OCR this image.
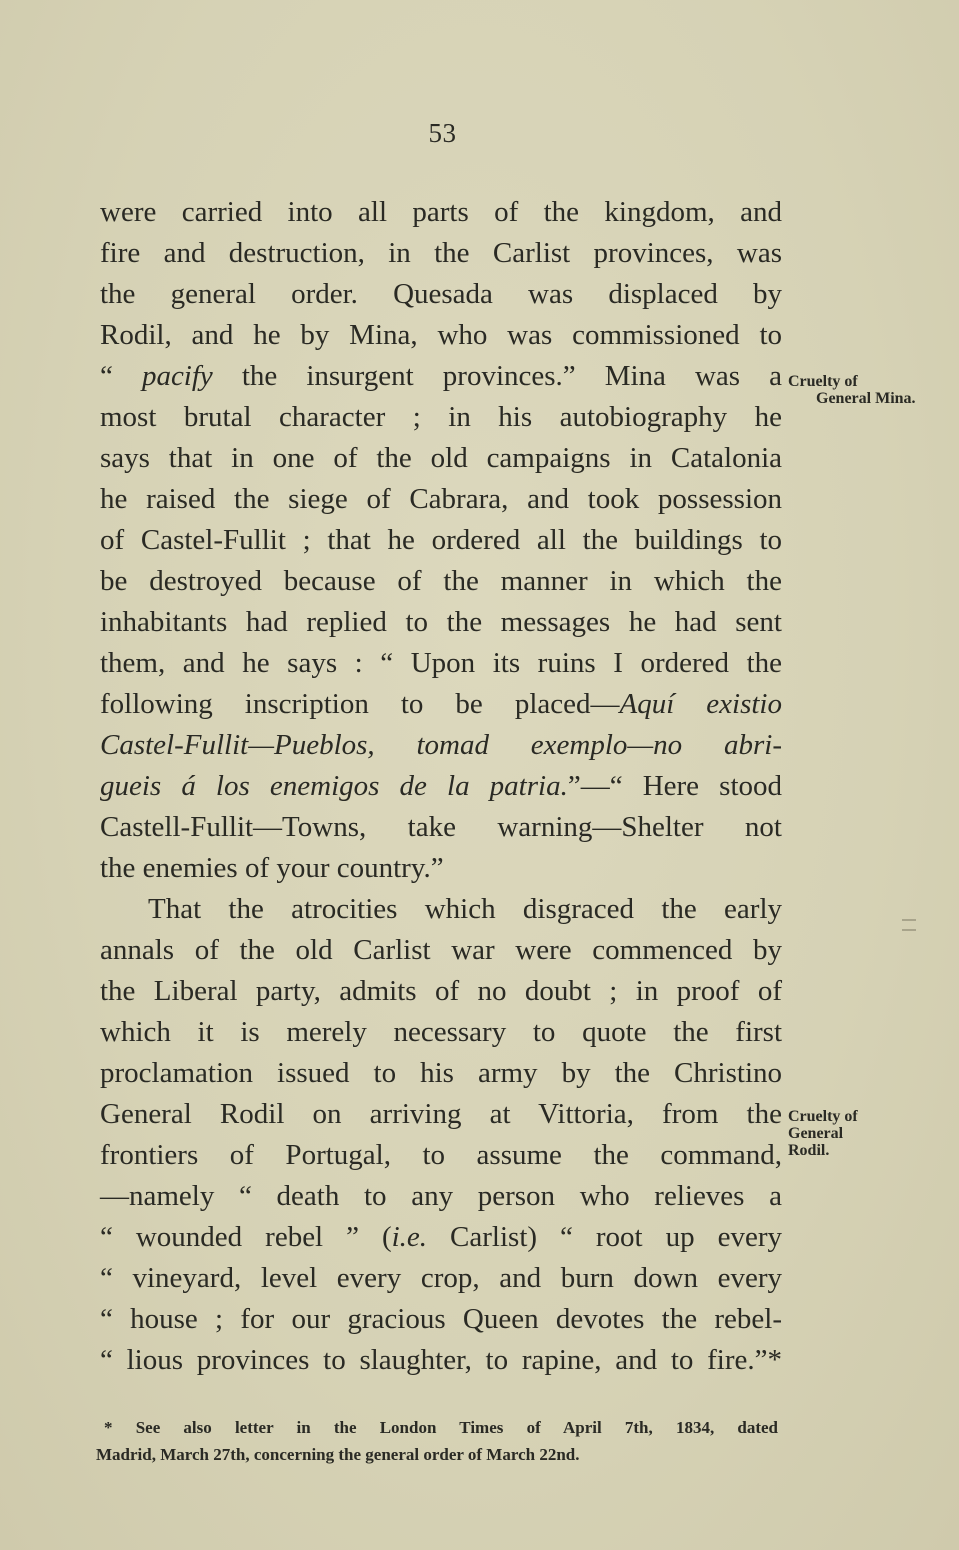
53
were carried into all parts of the kingdom, and
fire and destruction, in the Carlist provinces, was
the general order. Quesada was displaced by
Rodil, and he by Mina, who was commissioned to
“ pacify the insurgent provinces.” Mina was a
most brutal character ; in his autobiography he
says that in one of the old campaigns in Catalonia
he raised the siege of Cabrara, and took possession
of Castel-Fullit ; that he ordered all the buildings to
be destroyed because of the manner in which the
inhabitants had replied to the messages he had sent
them, and he says : “ Upon its ruins I ordered the
following inscription to be placed—Aquí existio
Castel-Fullit—Pueblos, tomad exemplo—no abri-
gueis á los enemigos de la patria.”—“ Here stood
Castell-Fullit—Towns, take warning—Shelter not
the enemies of your country.”
That the atrocities which disgraced the early
annals of the old Carlist war were commenced by
the Liberal party, admits of no doubt ; in proof of
which it is merely necessary to quote the first
proclamation issued to his army by the Christino
General Rodil on arriving at Vittoria, from the
frontiers of Portugal, to assume the command,
—namely “ death to any person who relieves a
“ wounded rebel ” (i.e. Carlist) “ root up every
“ vineyard, level every crop, and burn down every
“ house ; for our gracious Queen devotes the rebel-
“ lious provinces to slaughter, to rapine, and to fire.”*
Cruelty of
General Mina.
Cruelty of
General
Rodil.
* See also letter in the London Times of April 7th, 1834, dated
Madrid, March 27th, concerning the general order of March 22nd.
